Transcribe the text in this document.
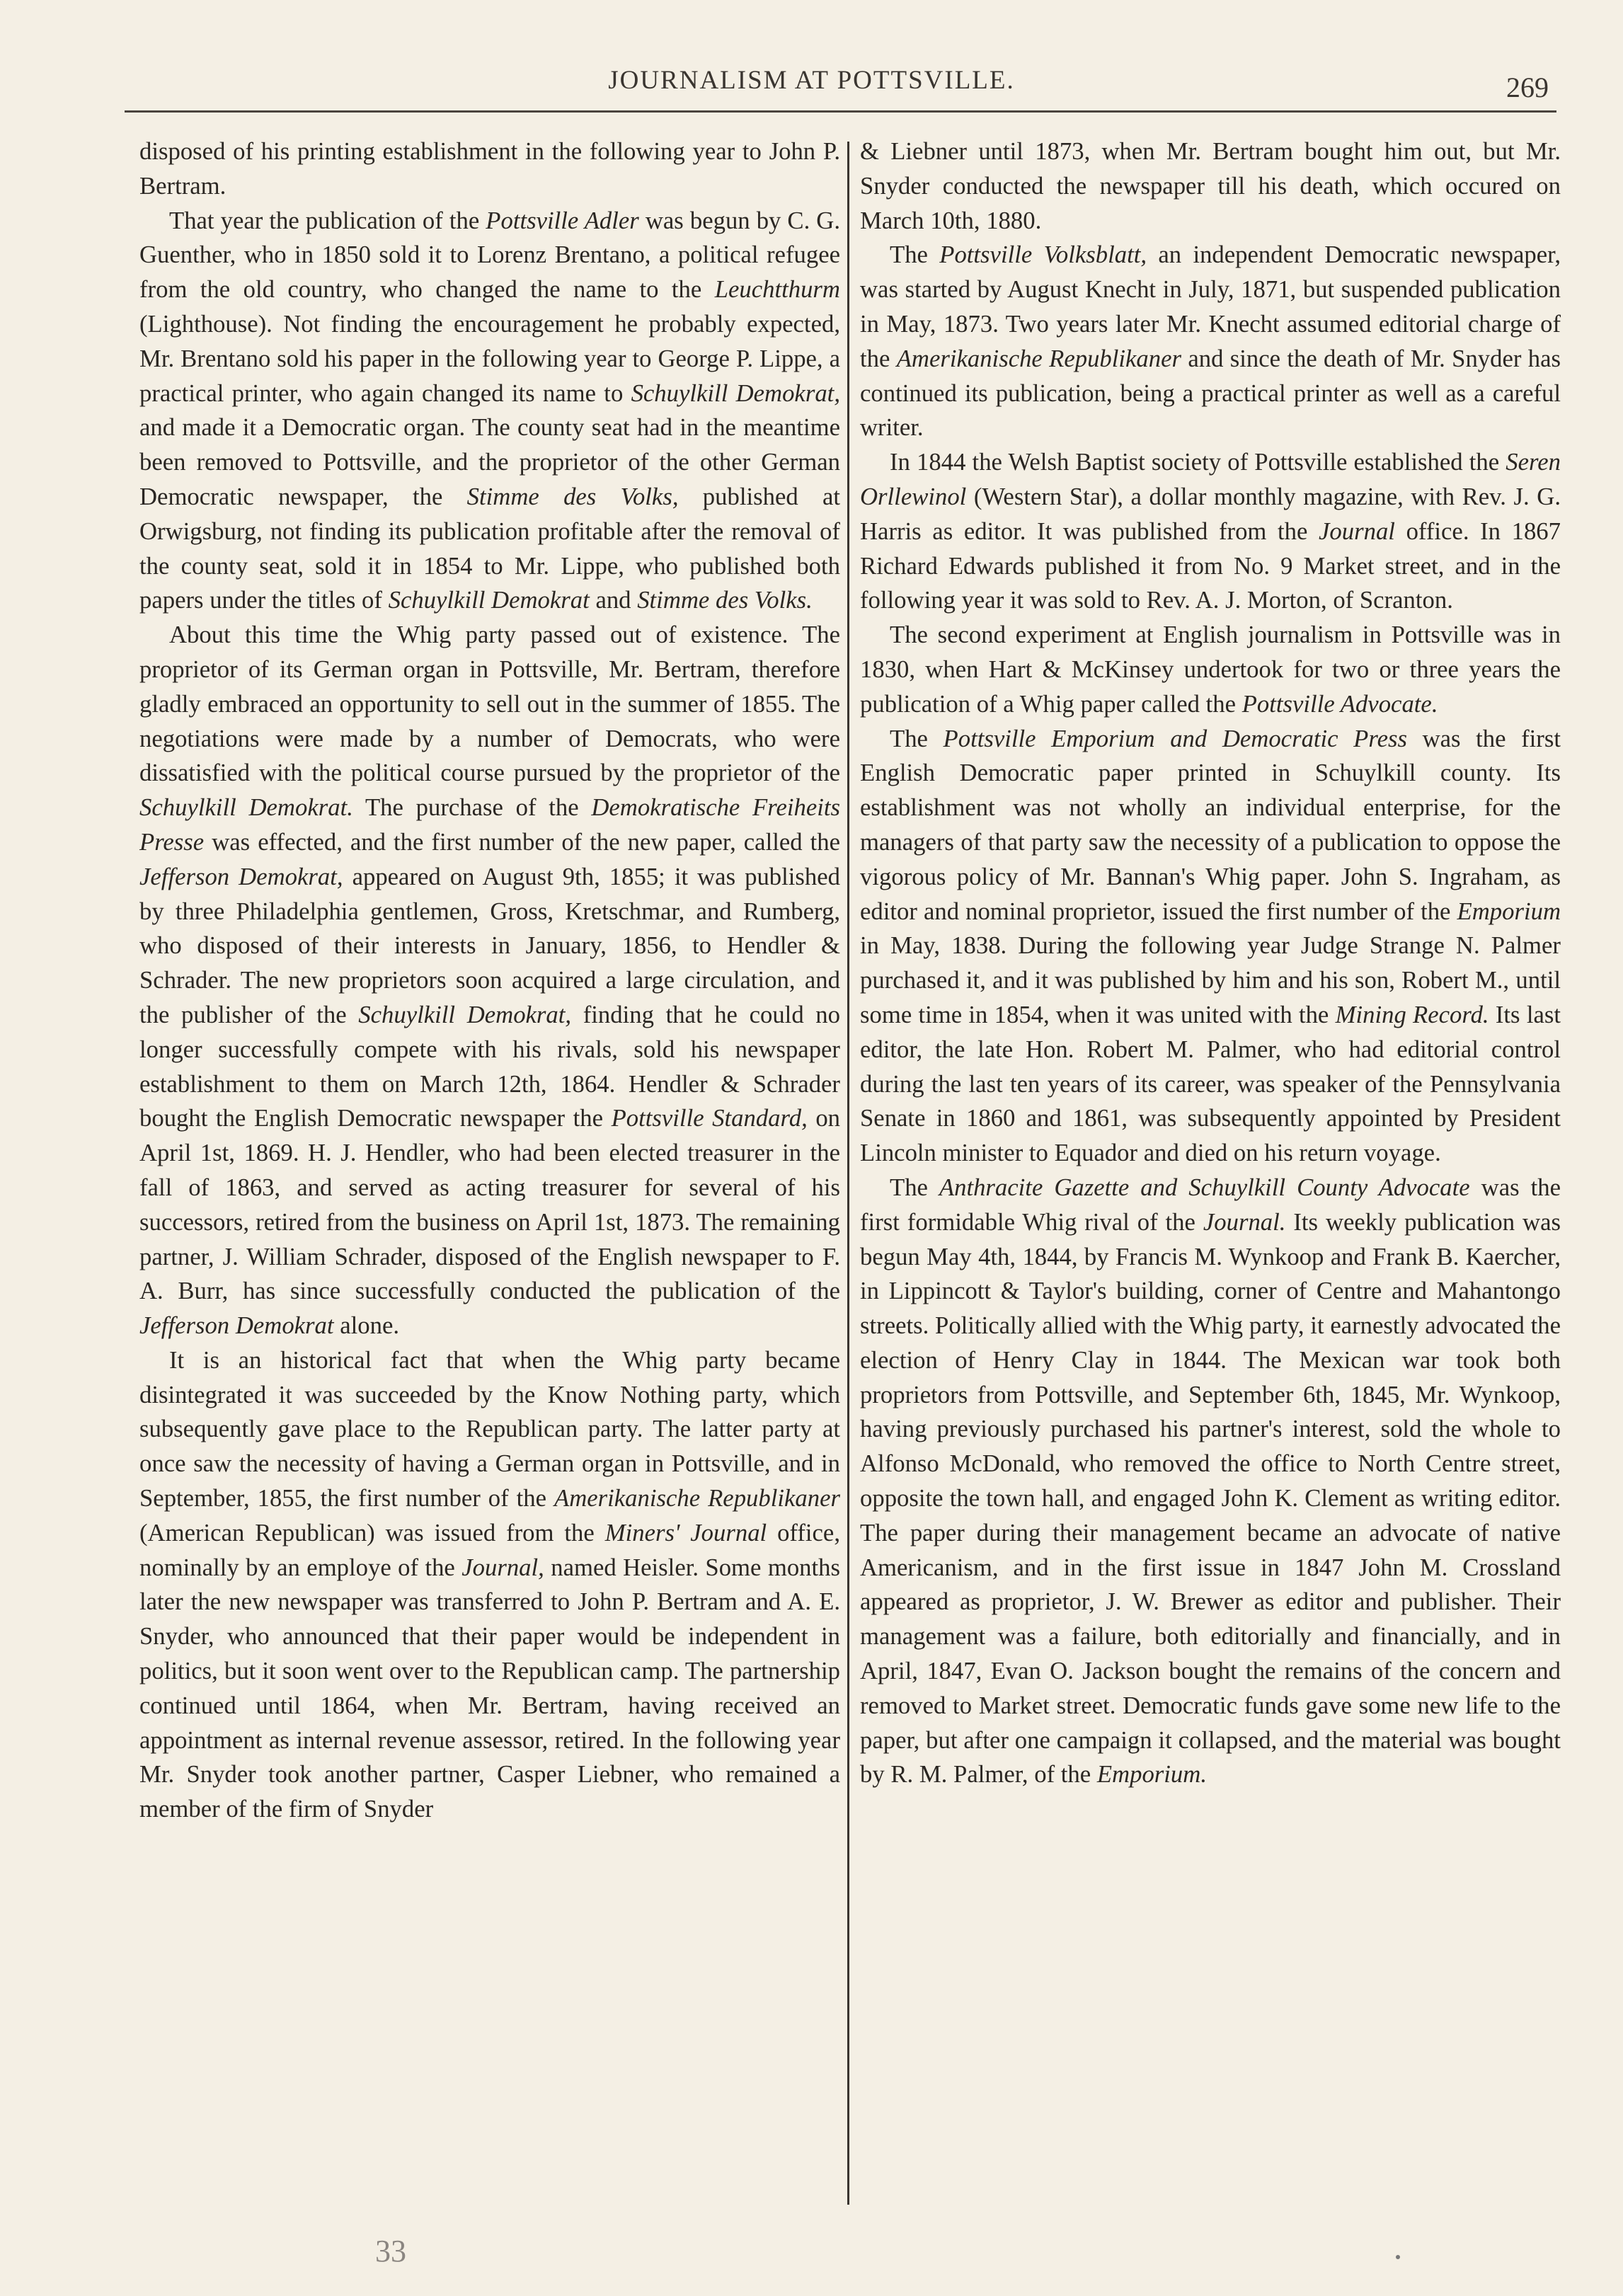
JOURNALISM AT POTTSVILLE.	269

disposed of his printing establishment in the following year to John P. Bertram.

That year the publication of the Pottsville Adler was begun by C. G. Guenther, who in 1850 sold it to Lorenz Brentano, a political refugee from the old country, who changed the name to the Leuchtthurm (Lighthouse). Not finding the encouragement he probably expected, Mr. Brentano sold his paper in the following year to George P. Lippe, a practical printer, who again changed its name to Schuylkill Demokrat, and made it a Democratic organ. The county seat had in the meantime been removed to Pottsville, and the proprietor of the other German Democratic newspaper, the Stimme des Volks, published at Orwigsburg, not finding its publication profitable after the removal of the county seat, sold it in 1854 to Mr. Lippe, who published both papers under the titles of Schuylkill Demokrat and Stimme des Volks.

About this time the Whig party passed out of existence. The proprietor of its German organ in Pottsville, Mr. Bertram, therefore gladly embraced an opportunity to sell out in the summer of 1855. The negotiations were made by a number of Democrats, who were dissatisfied with the political course pursued by the proprietor of the Schuylkill Demokrat. The purchase of the Demokratische Freiheits Presse was effected, and the first number of the new paper, called the Jefferson Demokrat, appeared on August 9th, 1855; it was published by three Philadelphia gentlemen, Gross, Kretschmar, and Rumberg, who disposed of their interests in January, 1856, to Hendler & Schrader. The new proprietors soon acquired a large circulation, and the publisher of the Schuylkill Demokrat, finding that he could no longer successfully compete with his rivals, sold his newspaper establishment to them on March 12th, 1864. Hendler & Schrader bought the English Democratic newspaper the Pottsville Standard, on April 1st, 1869. H. J. Hendler, who had been elected treasurer in the fall of 1863, and served as acting treasurer for several of his successors, retired from the business on April 1st, 1873. The remaining partner, J. William Schrader, disposed of the English newspaper to F. A. Burr, has since successfully conducted the publication of the Jefferson Demokrat alone.

It is an historical fact that when the Whig party became disintegrated it was succeeded by the Know Nothing party, which subsequently gave place to the Republican party. The latter party at once saw the necessity of having a German organ in Pottsville, and in September, 1855, the first number of the Amerikanische Republikaner (American Republican) was issued from the Miners' Journal office, nominally by an employe of the Journal, named Heisler. Some months later the new newspaper was transferred to John P. Bertram and A. E. Snyder, who announced that their paper would be independent in politics, but it soon went over to the Republican camp. The partnership continued until 1864, when Mr. Bertram, having received an appointment as internal revenue assessor, retired. In the following year Mr. Snyder took another partner, Casper Liebner, who remained a member of the firm of Snyder

& Liebner until 1873, when Mr. Bertram bought him out, but Mr. Snyder conducted the newspaper till his death, which occured on March 10th, 1880.

The Pottsville Volksblatt, an independent Democratic newspaper, was started by August Knecht in July, 1871, but suspended publication in May, 1873. Two years later Mr. Knecht assumed editorial charge of the Amerikanische Republikaner and since the death of Mr. Snyder has continued its publication, being a practical printer as well as a careful writer.

In 1844 the Welsh Baptist society of Pottsville established the Seren Orllewinol (Western Star), a dollar monthly magazine, with Rev. J. G. Harris as editor. It was published from the Journal office. In 1867 Richard Edwards published it from No. 9 Market street, and in the following year it was sold to Rev. A. J. Morton, of Scranton.

The second experiment at English journalism in Pottsville was in 1830, when Hart & McKinsey undertook for two or three years the publication of a Whig paper called the Pottsville Advocate.

The Pottsville Emporium and Democratic Press was the first English Democratic paper printed in Schuylkill county. Its establishment was not wholly an individual enterprise, for the managers of that party saw the necessity of a publication to oppose the vigorous policy of Mr. Bannan's Whig paper. John S. Ingraham, as editor and nominal proprietor, issued the first number of the Emporium in May, 1838. During the following year Judge Strange N. Palmer purchased it, and it was published by him and his son, Robert M., until some time in 1854, when it was united with the Mining Record. Its last editor, the late Hon. Robert M. Palmer, who had editorial control during the last ten years of its career, was speaker of the Pennsylvania Senate in 1860 and 1861, was subsequently appointed by President Lincoln minister to Equador and died on his return voyage.

The Anthracite Gazette and Schuylkill County Advocate was the first formidable Whig rival of the Journal. Its weekly publication was begun May 4th, 1844, by Francis M. Wynkoop and Frank B. Kaercher, in Lippincott & Taylor's building, corner of Centre and Mahantongo streets. Politically allied with the Whig party, it earnestly advocated the election of Henry Clay in 1844. The Mexican war took both proprietors from Pottsville, and September 6th, 1845, Mr. Wynkoop, having previously purchased his partner's interest, sold the whole to Alfonso McDonald, who removed the office to North Centre street, opposite the town hall, and engaged John K. Clement as writing editor. The paper during their management became an advocate of native Americanism, and in the first issue in 1847 John M. Crossland appeared as proprietor, J. W. Brewer as editor and publisher. Their management was a failure, both editorially and financially, and in April, 1847, Evan O. Jackson bought the remains of the concern and removed to Market street. Democratic funds gave some new life to the paper, but after one campaign it collapsed, and the material was bought by R. M. Palmer, of the Emporium.

33
